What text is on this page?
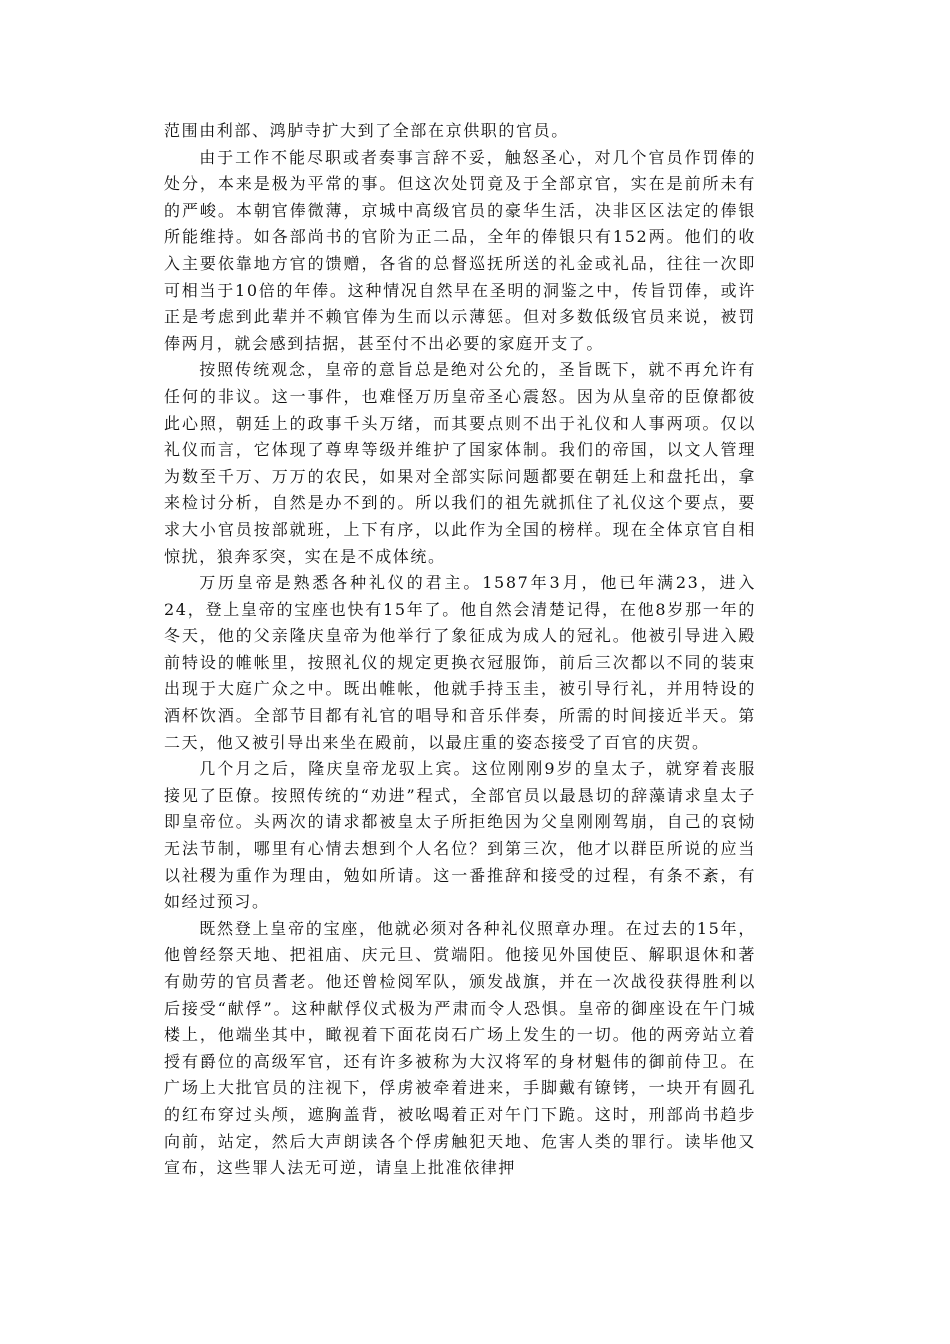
范围由利部、鸿胪寺扩大到了全部在京供职的官员。

由于工作不能尽职或者奏事言辞不妥，触怒圣心，对几个官员作罚俸的处分，本来是极为平常的事。但这次处罚竟及于全部京官，实在是前所未有的严峻。本朝官俸微薄，京城中高级官员的豪华生活，决非区区法定的俸银所能维持。如各部尚书的官阶为正二品，全年的俸银只有152两。他们的收入主要依靠地方官的馈赠，各省的总督巡抚所送的礼金或礼品，往往一次即可相当于10倍的年俸。这种情况自然早在圣明的洞鉴之中，传旨罚俸，或许正是考虑到此辈并不赖官俸为生而以示薄惩。但对多数低级官员来说，被罚俸两月，就会感到拮据，甚至付不出必要的家庭开支了。

按照传统观念，皇帝的意旨总是绝对公允的，圣旨既下，就不再允许有任何的非议。这一事件，也难怪万历皇帝圣心震怒。因为从皇帝的臣僚都彼此心照，朝廷上的政事千头万绪，而其要点则不出于礼仪和人事两项。仅以礼仪而言，它体现了尊卑等级并维护了国家体制。我们的帝国，以文人管理为数至千万、万万的农民，如果对全部实际问题都要在朝廷上和盘托出，拿来检讨分析，自然是办不到的。所以我们的祖先就抓住了礼仪这个要点，要求大小官员按部就班，上下有序，以此作为全国的榜样。现在全体京官自相惊扰，狼奔豕突，实在是不成体统。

万历皇帝是熟悉各种礼仪的君主。1587年3月，他已年满23，进入24，登上皇帝的宝座也快有15年了。他自然会清楚记得，在他8岁那一年的冬天，他的父亲隆庆皇帝为他举行了象征成为成人的冠礼。他被引导进入殿前特设的帷帐里，按照礼仪的规定更换衣冠服饰，前后三次都以不同的装束出现于大庭广众之中。既出帷帐，他就手持玉圭，被引导行礼，并用特设的酒杯饮酒。全部节目都有礼官的唱导和音乐伴奏，所需的时间接近半天。第二天，他又被引导出来坐在殿前，以最庄重的姿态接受了百官的庆贺。

几个月之后，隆庆皇帝龙驭上宾。这位刚刚9岁的皇太子，就穿着丧服接见了臣僚。按照传统的“劝进”程式，全部官员以最恳切的辞藻请求皇太子即皇帝位。头两次的请求都被皇太子所拒绝因为父皇刚刚驾崩，自己的哀恸无法节制，哪里有心情去想到个人名位？到第三次，他才以群臣所说的应当以社稷为重作为理由，勉如所请。这一番推辞和接受的过程，有条不紊，有如经过预习。

既然登上皇帝的宝座，他就必须对各种礼仪照章办理。在过去的15年，他曾经祭天地、把祖庙、庆元旦、赏端阳。他接见外国使臣、解职退休和著有勋劳的官员耆老。他还曾检阅军队，颁发战旗，并在一次战役获得胜利以后接受“献俘”。这种献俘仪式极为严肃而令人恐惧。皇帝的御座设在午门城楼上，他端坐其中，瞰视着下面花岗石广场上发生的一切。他的两旁站立着授有爵位的高级军官，还有许多被称为大汉将军的身材魁伟的御前侍卫。在广场上大批官员的注视下，俘虏被牵着进来，手脚戴有镣铐，一块开有圆孔的红布穿过头颅，遮胸盖背，被吆喝着正对午门下跪。这时，刑部尚书趋步向前，站定，然后大声朗读各个俘虏触犯天地、危害人类的罪行。读毕他又宣布，这些罪人法无可逆，请皇上批准依律押
